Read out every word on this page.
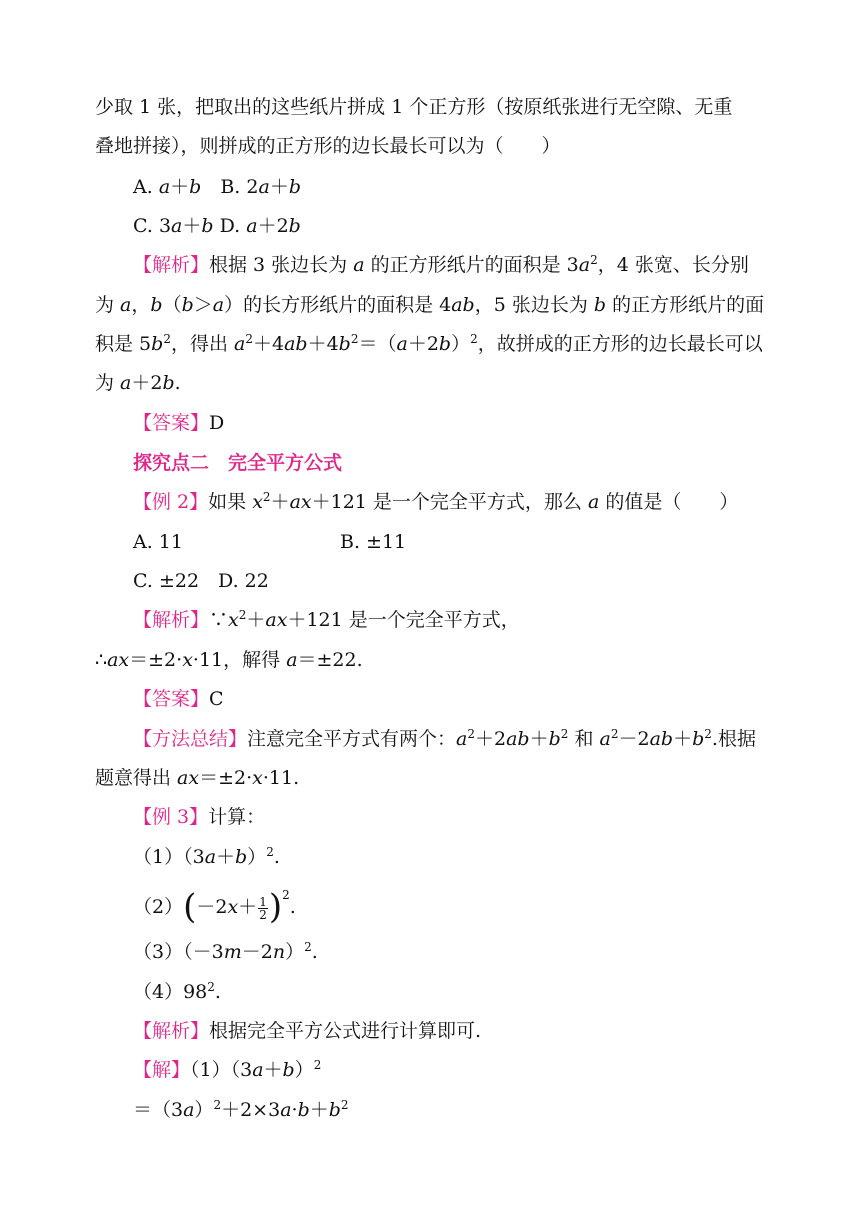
少取 1 张，把取出的这些纸片拼成 1 个正方形（按原纸张进行无空隙、无重
叠地拼接），则拼成的正方形的边长最长可以为（　　）
A. a＋b　 B. 2a＋b
C. 3a＋b D. a＋2b
【解析】根据 3 张边长为 a 的正方形纸片的面积是 $3a^2$，4 张宽、长分别
为 a，b（b＞a）的长方形纸片的面积是 4ab，5 张边长为 b 的正方形纸片的面
积是 $5b^2$，得出 $a^2+4ab+4b^2=(a+2b)^2$，故拼成的正方形的边长最长可以
为 a＋2b.
【答案】D
探究点二　完全平方公式
【例 2】如果 $x^2+ax+121$ 是一个完全平方式，那么 a 的值是（　　）
A. 11	B. ±11
C. ±22　D. 22
【解析】$\because x^2+ax+121$ 是一个完全平方式，
∴ax＝±2·x·11，解得 a＝±22.
【答案】C
【方法总结】注意完全平方式有两个：$a^2+2ab+b^2$ 和 $a^2-2ab+b^2$.根据
题意得出 ax＝±2·x·11.
【例 3】计算：
$(1)(3a+b)^2$.
$(2)(-2x+ \frac{1}{2} )^2$.
$(3)(-3m-2n)^2$.
$(4)98^2$.
【解析】根据完全平方公式进行计算即可.
【解】$(1)(3a+b)^2$
$=(3a)^2+2\times 3a\cdot b+b^2$
